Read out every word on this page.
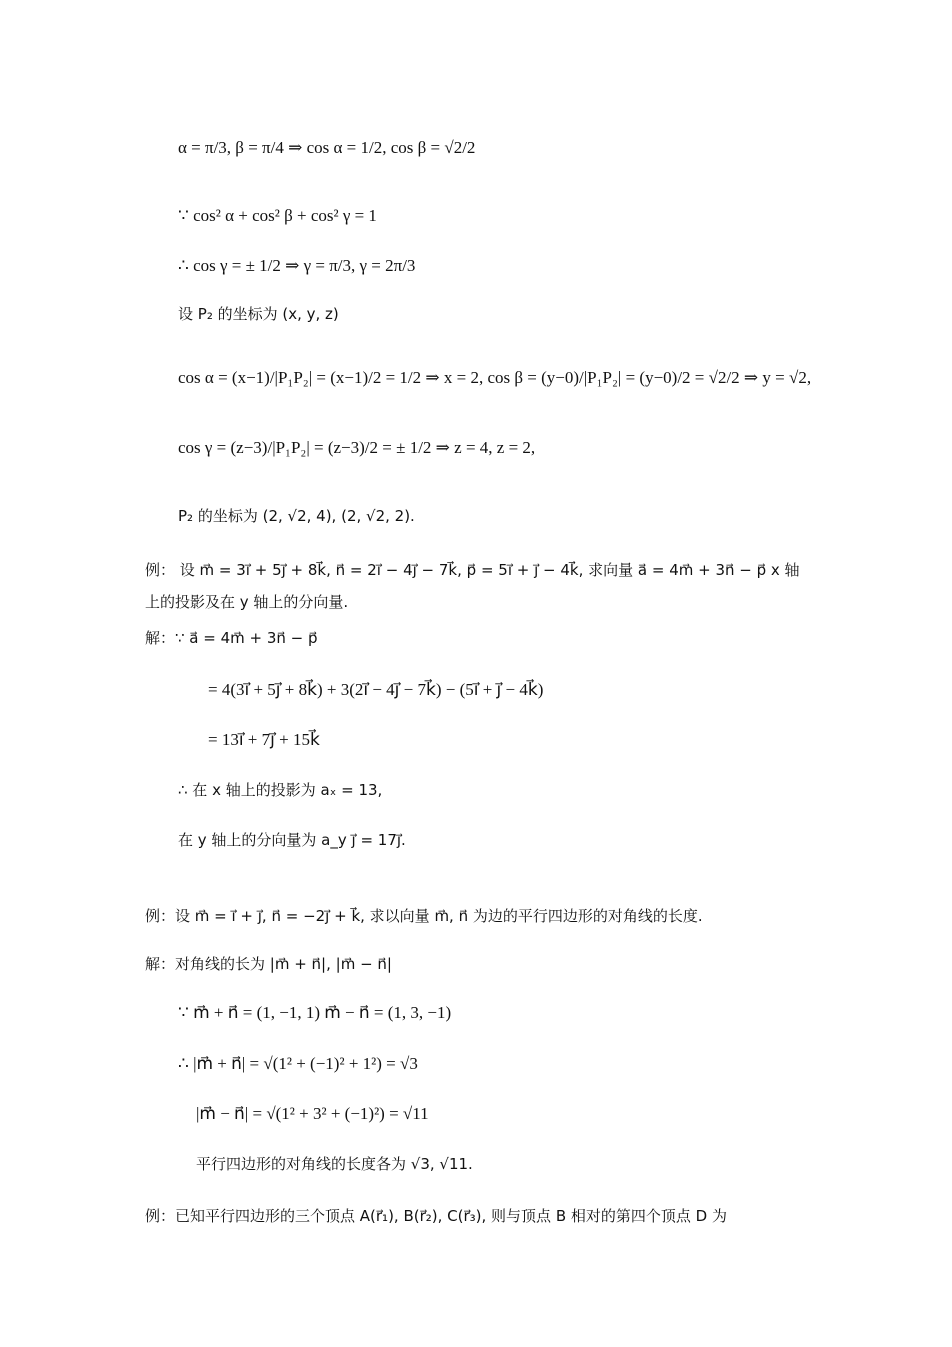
α = π/3, β = π/4 ⇒ cos α = 1/2, cos β = √2/2
∵ cos² α + cos² β + cos² γ = 1
∴ cos γ = ± 1/2 ⇒ γ = π/3, γ = 2π/3
设 P₂ 的坐标为 (x, y, z)
cos α = (x−1)/|P₁P₂| = (x−1)/2 = 1/2 ⇒ x = 2, cos β = (y−0)/|P₁P₂| = (y−0)/2 = √2/2 ⇒ y = √2,
cos γ = (z−3)/|P₁P₂| = (z−3)/2 = ± 1/2 ⇒ z = 4, z = 2,
P₂ 的坐标为 (2, √2, 4), (2, √2, 2).
例： 设 m⃗ = 3i⃗ + 5j⃗ + 8k⃗, n⃗ = 2i⃗ − 4j⃗ − 7k⃗, p⃗ = 5i⃗ + j⃗ − 4k⃗, 求向量 a⃗ = 4m⃗ + 3n⃗ − p⃗ x 轴
上的投影及在 y 轴上的分向量.
解：∵ a⃗ = 4m⃗ + 3n⃗ − p⃗
= 4(3i⃗ + 5j⃗ + 8k⃗) + 3(2i⃗ − 4j⃗ − 7k⃗) − (5i⃗ + j⃗ − 4k⃗)
= 13i⃗ + 7j⃗ + 15k⃗
∴ 在 x 轴上的投影为 aₓ = 13,
在 y 轴上的分向量为 a_y j⃗ = 17j⃗.
例：设 m⃗ = i⃗ + j⃗, n⃗ = −2j⃗ + k⃗, 求以向量 m⃗, n⃗ 为边的平行四边形的对角线的长度.
解：对角线的长为 |m⃗ + n⃗|, |m⃗ − n⃗|
∵ m⃗ + n⃗ = (1, −1, 1) m⃗ − n⃗ = (1, 3, −1)
∴ |m⃗ + n⃗| = √(1² + (−1)² + 1²) = √3
|m⃗ − n⃗| = √(1² + 3² + (−1)²) = √11
平行四边形的对角线的长度各为 √3, √11.
例：已知平行四边形的三个顶点 A(r⃗₁), B(r⃗₂), C(r⃗₃), 则与顶点 B 相对的第四个顶点 D 为
